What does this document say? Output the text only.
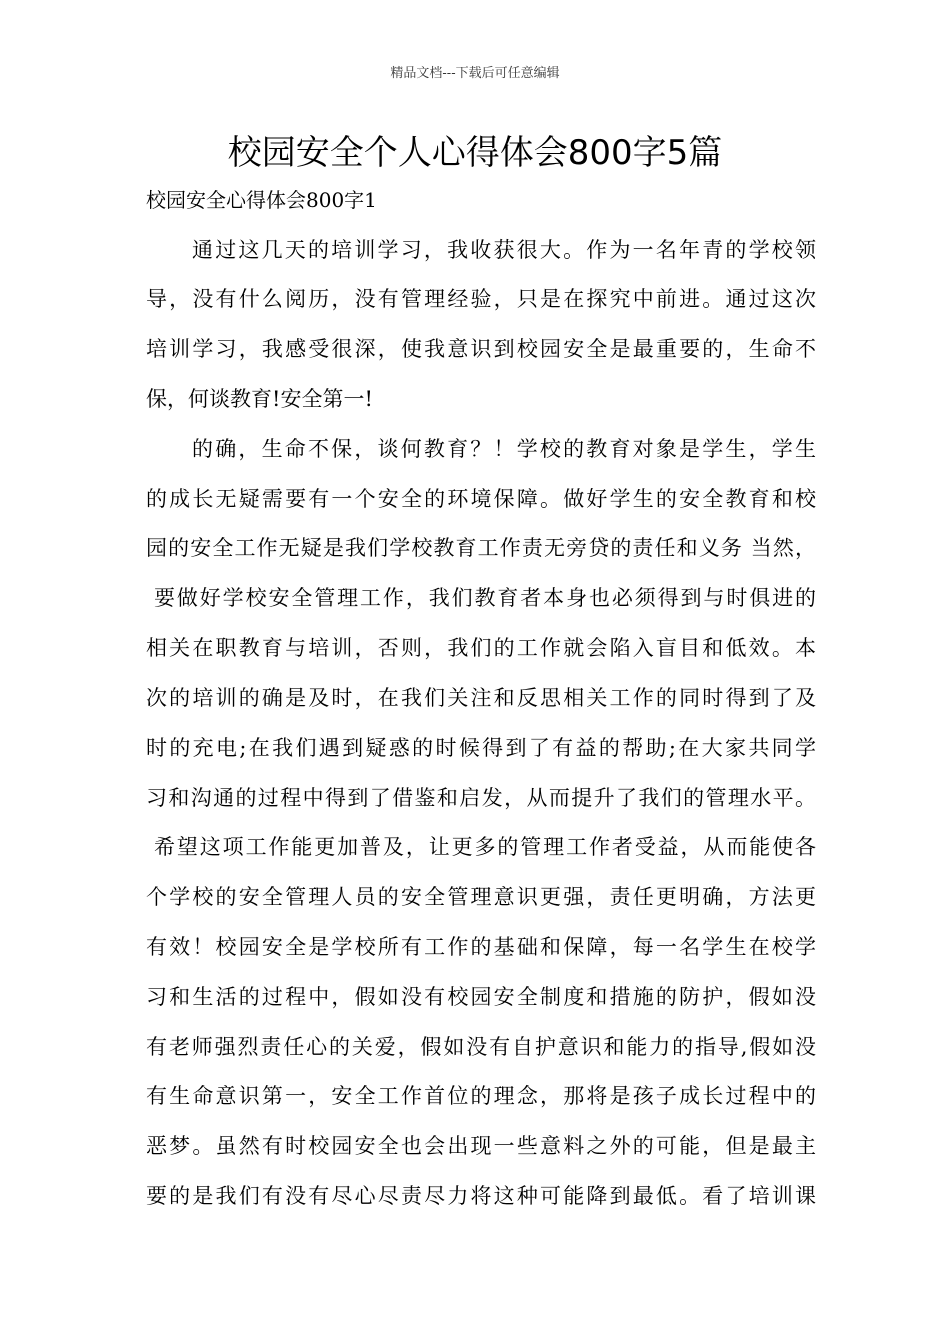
精品文档---下载后可任意编辑
校园安全个人心得体会800字5篇
校园安全心得体会800字1
通过这几天的培训学习，我收获很大。作为一名年青的学校领
导，没有什么阅历，没有管理经验，只是在探究中前进。通过这次
培训学习，我感受很深，使我意识到校园安全是最重要的，生命不
保，何谈教育!安全第一!
的确，生命不保，谈何教育？！学校的教育对象是学生，学生
的成长无疑需要有一个安全的环境保障。做好学生的安全教育和校
园的安全工作无疑是我们学校教育工作责无旁贷的责任和义务 当然，
要做好学校安全管理工作，我们教育者本身也必须得到与时俱进的
相关在职教育与培训，否则，我们的工作就会陷入盲目和低效。本
次的培训的确是及时，在我们关注和反思相关工作的同时得到了及
时的充电;在我们遇到疑惑的时候得到了有益的帮助;在大家共同学
习和沟通的过程中得到了借鉴和启发，从而提升了我们的管理水平。
希望这项工作能更加普及，让更多的管理工作者受益，从而能使各
个学校的安全管理人员的安全管理意识更强，责任更明确，方法更
有效！校园安全是学校所有工作的基础和保障，每一名学生在校学
习和生活的过程中，假如没有校园安全制度和措施的防护，假如没
有老师强烈责任心的关爱，假如没有自护意识和能力的指导,假如没
有生命意识第一，安全工作首位的理念，那将是孩子成长过程中的
恶梦。虽然有时校园安全也会出现一些意料之外的可能，但是最主
要的是我们有没有尽心尽责尽力将这种可能降到最低。看了培训课
